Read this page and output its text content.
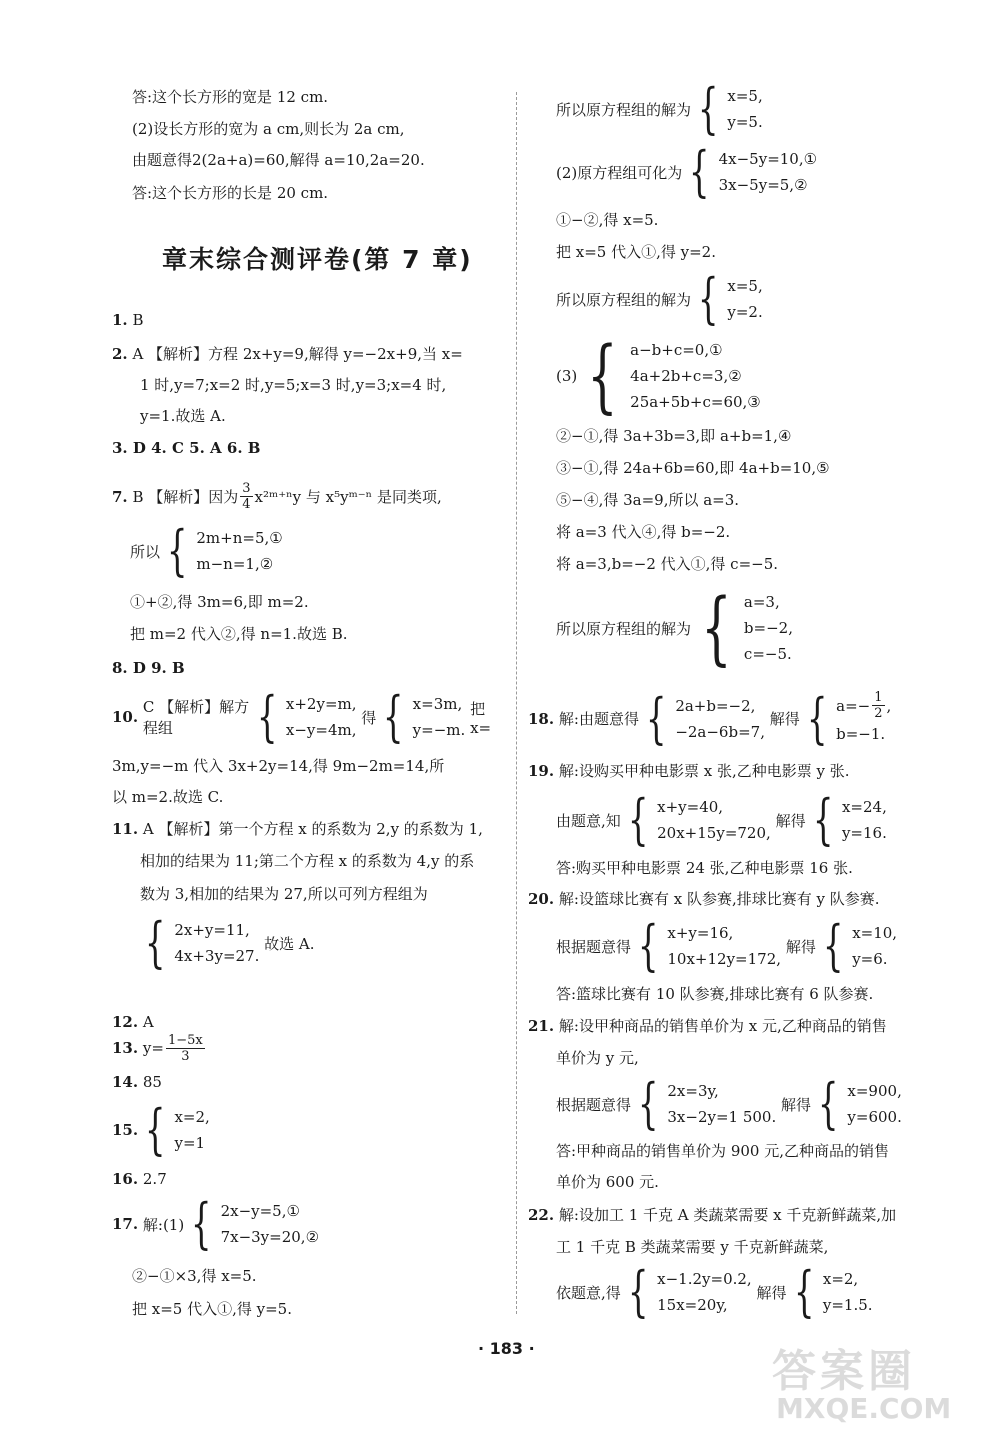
答:这个长方形的宽是 12 cm.
(2)设长方形的宽为 a cm,则长为 2a cm,
由题意得2(2a+a)=60,解得 a=10,2a=20.
答:这个长方形的长是 20 cm.
章末综合测评卷(第 7 章)
1. B
2. A 【解析】方程 2x+y=9,解得 y=−2x+9,当 x=
1 时,y=7;x=2 时,y=5;x=3 时,y=3;x=4 时,
y=1.故选 A.
3. D 4. C 5. A 6. B
7.
B 【解析】因为 $\frac{3}{4}$ x²ᵐ⁺ⁿy 与 x⁵yᵐ⁻ⁿ 是同类项,
所以 { 2m+n=5,①
m−n=1,②
①+②,得 3m=6,即 m=2.
把 m=2 代入②,得 n=1.故选 B.
8. D 9. B
10.

C 【解析】解方程组	{ x+2y=m,
x−y=4m,

得 { x=3m,
y=−m.

把 x=
3m,y=−m 代入 3x+2y=14,得 9m−2m=14,所
以 m=2.故选 C.
11. A 【解析】第一个方程 x 的系数为 2,y 的系数为 1,
相加的结果为 11;第二个方程 x 的系数为 4,y 的系
数为 3,相加的结果为 27,所以可列方程组为
{ 2x+y=11,
4x+3y=27.

故选 A.
12. A
13.
$y= \frac{1-5x}{3}$
14. 85
15. { x=2,
y=1
16. 2.7
17.
解:(1) { 2x−y=5,①
7x−3y=20,②
②−①×3,得 x=5.
把 x=5 代入①,得 y=5.
所以原方程组的解为 { x=5,
y=5.
(2)原方程组可化为 { 4x−5y=10,①
3x−5y=5,②
①−②,得 x=5.
把 x=5 代入①,得 y=2.
所以原方程组的解为 { x=5,
y=2.
(3) { a−b+c=0,①
4a+2b+c=3,②
25a+5b+c=60,③
②−①,得 3a+3b=3,即 a+b=1,④
③−①,得 24a+6b=60,即 4a+b=10,⑤
⑤−④,得 3a=9,所以 a=3.
将 a=3 代入④,得 b=−2.
将 a=3,b=−2 代入①,得 c=−5.
所以原方程组的解为 { a=3,
b=−2,
c=−5.
18.
解:由题意得 { 2a+b=−2,
−2a−6b=7,

解得 { $a=- \frac{1}{2}$ ,
b=−1.
19. 解:设购买甲种电影票 x 张,乙种电影票 y 张.
由题意,知 { x+y=40,
20x+15y=720,

解得 { x=24,
y=16.
答:购买甲种电影票 24 张,乙种电影票 16 张.
20. 解:设篮球比赛有 x 队参赛,排球比赛有 y 队参赛.
根据题意得 { x+y=16,
10x+12y=172,

解得 { x=10,
y=6.
答:篮球比赛有 10 队参赛,排球比赛有 6 队参赛.
21. 解:设甲种商品的销售单价为 x 元,乙种商品的销售
单价为 y 元,
根据题意得 { 2x=3y,
3x−2y=1 500.

解得 { x=900,
y=600.
答:甲种商品的销售单价为 900 元,乙种商品的销售
单价为 600 元.
22. 解:设加工 1 千克 A 类蔬菜需要 x 千克新鲜蔬菜,加
工 1 千克 B 类蔬菜需要 y 千克新鲜蔬菜,
依题意,得 { x−1.2y=0.2,
15x=20y,

解得 { x=2,
y=1.5.
· 183 ·	答案圈
MXQE.COM
